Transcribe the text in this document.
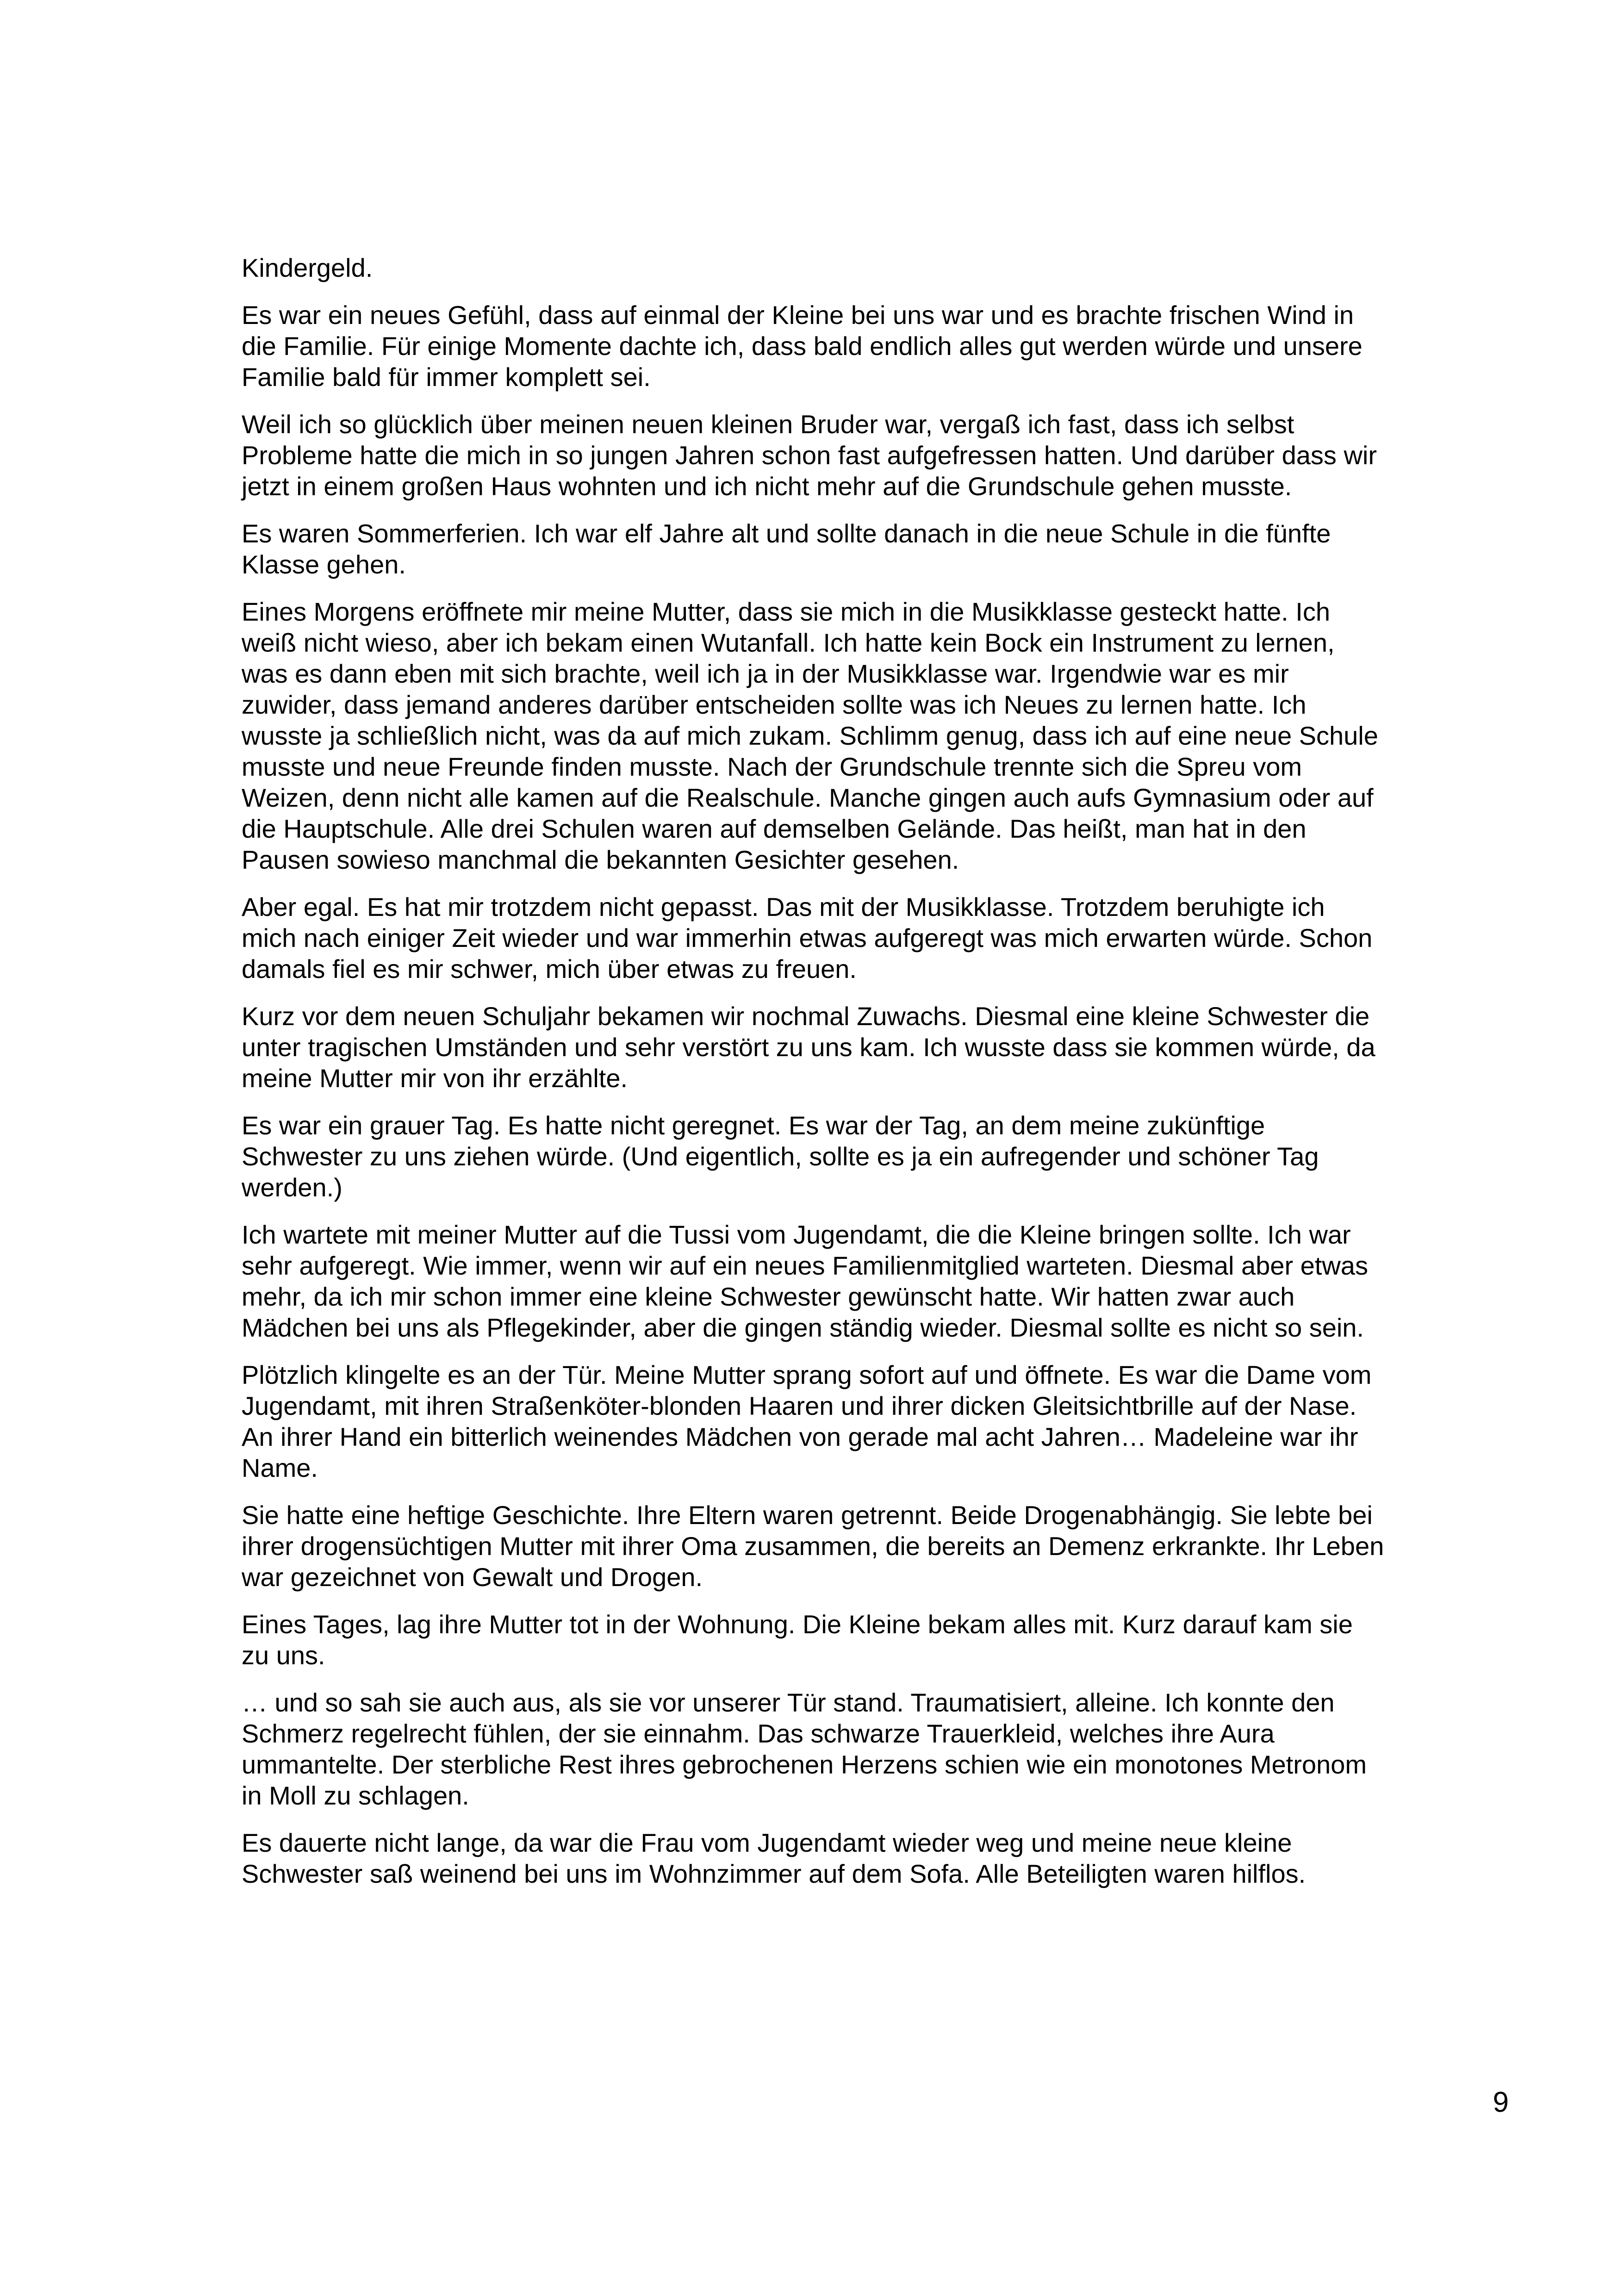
Kindergeld.

Es war ein neues Gefühl, dass auf einmal der Kleine bei uns war und es brachte frischen Wind in die Familie. Für einige Momente dachte ich, dass bald endlich alles gut werden würde und unsere Familie bald für immer komplett sei.

Weil ich so glücklich über meinen neuen kleinen Bruder war, vergaß ich fast, dass ich selbst Probleme hatte die mich in so jungen Jahren schon fast aufgefressen hatten. Und darüber dass wir jetzt in einem großen Haus wohnten und ich nicht mehr auf die Grundschule gehen musste.

Es waren Sommerferien. Ich war elf Jahre alt und sollte danach in die neue Schule in die fünfte Klasse gehen.

Eines Morgens eröffnete mir meine Mutter, dass sie mich in die Musikklasse gesteckt hatte. Ich weiß nicht wieso, aber ich bekam einen Wutanfall. Ich hatte kein Bock ein Instrument zu lernen, was es dann eben mit sich brachte, weil ich ja in der Musikklasse war. Irgendwie war es mir zuwider, dass jemand anderes darüber entscheiden sollte was ich Neues zu lernen hatte. Ich wusste ja schließlich nicht, was da auf mich zukam. Schlimm genug, dass ich auf eine neue Schule musste und neue Freunde finden musste. Nach der Grundschule trennte sich die Spreu vom Weizen, denn nicht alle kamen auf die Realschule. Manche gingen auch aufs Gymnasium oder auf die Hauptschule. Alle drei Schulen waren auf demselben Gelände. Das heißt, man hat in den Pausen sowieso manchmal die bekannten Gesichter gesehen.

Aber egal. Es hat mir trotzdem nicht gepasst. Das mit der Musikklasse. Trotzdem beruhigte ich mich nach einiger Zeit wieder und war immerhin etwas aufgeregt was mich erwarten würde. Schon damals fiel es mir schwer, mich über etwas zu freuen.

Kurz vor dem neuen Schuljahr bekamen wir nochmal Zuwachs. Diesmal eine kleine Schwester die unter tragischen Umständen und sehr verstört zu uns kam. Ich wusste dass sie kommen würde, da meine Mutter mir von ihr erzählte.

Es war ein grauer Tag. Es hatte nicht geregnet. Es war der Tag, an dem meine zukünftige Schwester zu uns ziehen würde. (Und eigentlich, sollte es ja ein aufregender und schöner Tag werden.)

Ich wartete mit meiner Mutter auf die Tussi vom Jugendamt, die die Kleine bringen sollte. Ich war sehr aufgeregt. Wie immer, wenn wir auf ein neues Familienmitglied warteten. Diesmal aber etwas mehr, da ich mir schon immer eine kleine Schwester gewünscht hatte. Wir hatten zwar auch Mädchen bei uns als Pflegekinder, aber die gingen ständig wieder. Diesmal sollte es nicht so sein.

Plötzlich klingelte es an der Tür. Meine Mutter sprang sofort auf und öffnete. Es war die Dame vom Jugendamt, mit ihren Straßenköter-blonden Haaren und ihrer dicken Gleitsichtbrille auf der Nase. An ihrer Hand ein bitterlich weinendes Mädchen von gerade mal acht Jahren… Madeleine war ihr Name.

Sie hatte eine heftige Geschichte. Ihre Eltern waren getrennt. Beide Drogenabhängig. Sie lebte bei ihrer drogensüchtigen Mutter mit ihrer Oma zusammen, die bereits an Demenz erkrankte. Ihr Leben war gezeichnet von Gewalt und Drogen.

Eines Tages, lag ihre Mutter tot in der Wohnung. Die Kleine bekam alles mit. Kurz darauf kam sie zu uns.

… und so sah sie auch aus, als sie vor unserer Tür stand. Traumatisiert, alleine. Ich konnte den Schmerz regelrecht fühlen, der sie einnahm. Das schwarze Trauerkleid, welches ihre Aura ummantelte. Der sterbliche Rest ihres gebrochenen Herzens schien wie ein monotones Metronom in Moll zu schlagen.

Es dauerte nicht lange, da war die Frau vom Jugendamt wieder weg und meine neue kleine Schwester saß weinend bei uns im Wohnzimmer auf dem Sofa. Alle Beteiligten waren hilflos.

9
